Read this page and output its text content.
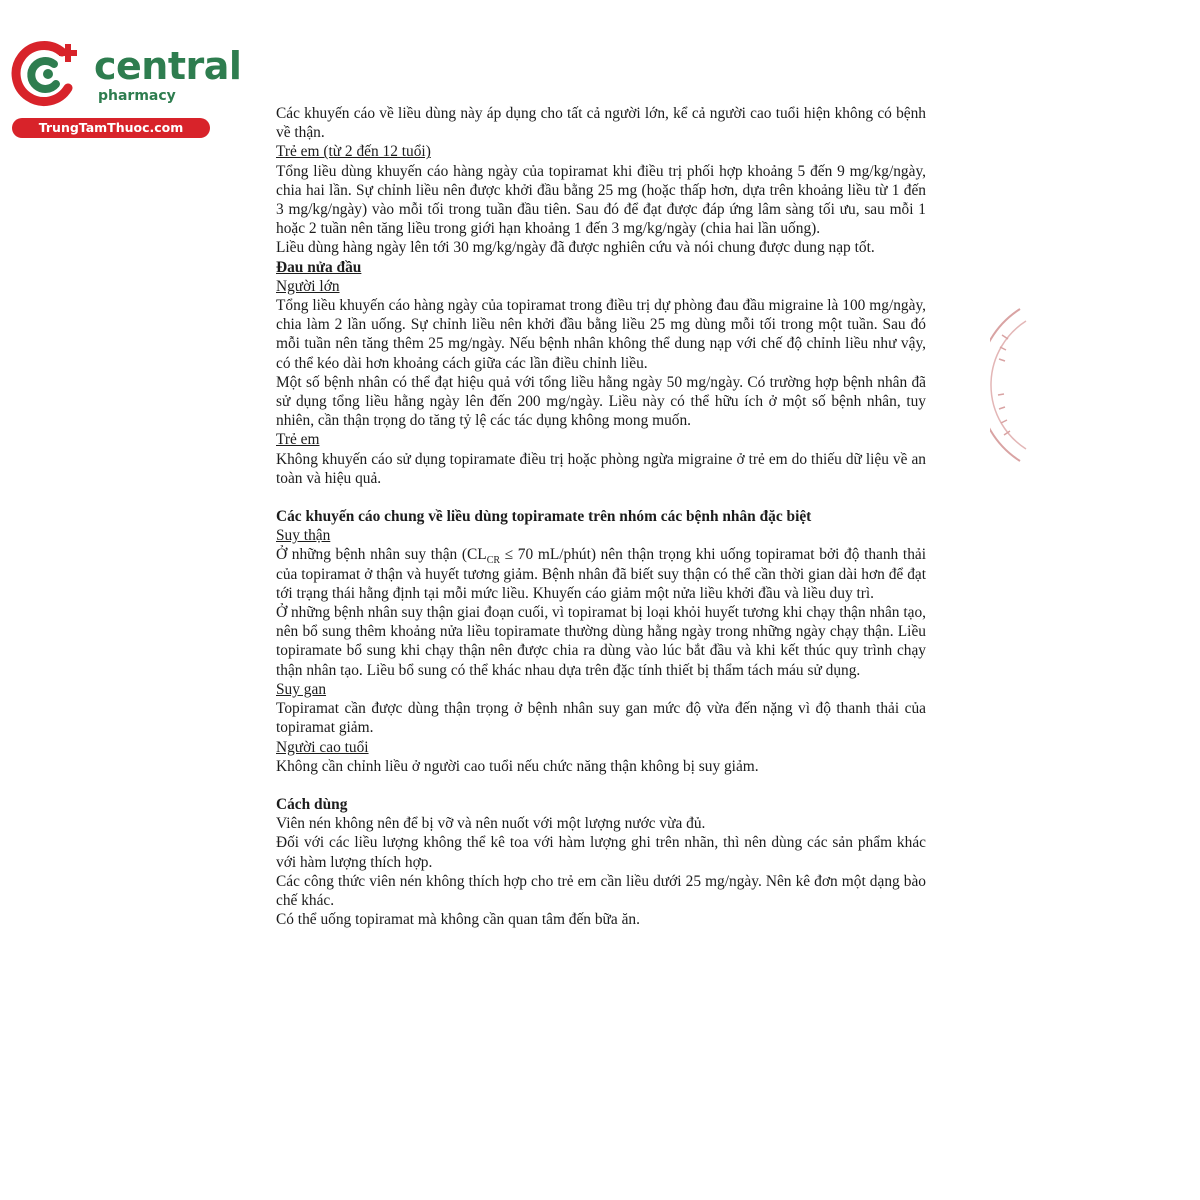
central
pharmacy
TrungTamThuoc.com

Các khuyến cáo về liều dùng này áp dụng cho tất cả người lớn, kể cả người cao tuổi hiện không có bệnh về thận.

Trẻ em (từ 2 đến 12 tuổi)

Tổng liều dùng khuyến cáo hàng ngày của topiramat khi điều trị phối hợp khoảng 5 đến 9 mg/kg/ngày, chia hai lần. Sự chỉnh liều nên được khởi đầu bằng 25 mg (hoặc thấp hơn, dựa trên khoảng liều từ 1 đến 3 mg/kg/ngày) vào mỗi tối trong tuần đầu tiên. Sau đó để đạt được đáp ứng lâm sàng tối ưu, sau mỗi 1 hoặc 2 tuần nên tăng liều trong giới hạn khoảng 1 đến 3 mg/kg/ngày (chia hai lần uống).

Liều dùng hàng ngày lên tới 30 mg/kg/ngày đã được nghiên cứu và nói chung được dung nạp tốt.

Đau nửa đầu

Người lớn

Tổng liều khuyến cáo hàng ngày của topiramat trong điều trị dự phòng đau đầu migraine là 100 mg/ngày, chia làm 2 lần uống. Sự chỉnh liều nên khởi đầu bằng liều 25 mg dùng mỗi tối trong một tuần. Sau đó mỗi tuần nên tăng thêm 25 mg/ngày. Nếu bệnh nhân không thể dung nạp với chế độ chỉnh liều như vậy, có thể kéo dài hơn khoảng cách giữa các lần điều chỉnh liều.

Một số bệnh nhân có thể đạt hiệu quả với tổng liều hằng ngày 50 mg/ngày. Có trường hợp bệnh nhân đã sử dụng tổng liều hằng ngày lên đến 200 mg/ngày. Liều này có thể hữu ích ở một số bệnh nhân, tuy nhiên, cần thận trọng do tăng tỷ lệ các tác dụng không mong muốn.

Trẻ em

Không khuyến cáo sử dụng topiramate điều trị hoặc phòng ngừa migraine ở trẻ em do thiếu dữ liệu về an toàn và hiệu quả.

Các khuyến cáo chung về liều dùng topiramate trên nhóm các bệnh nhân đặc biệt

Suy thận

Ở những bệnh nhân suy thận ($CL_{CR} \le 70$ mL/phút) nên thận trọng khi uống topiramat bởi độ thanh thải của topiramat ở thận và huyết tương giảm. Bệnh nhân đã biết suy thận có thể cần thời gian dài hơn để đạt tới trạng thái hằng định tại mỗi mức liều. Khuyến cáo giảm một nửa liều khởi đầu và liều duy trì.

Ở những bệnh nhân suy thận giai đoạn cuối, vì topiramat bị loại khỏi huyết tương khi chạy thận nhân tạo, nên bổ sung thêm khoảng nửa liều topiramate thường dùng hằng ngày trong những ngày chạy thận. Liều topiramate bổ sung khi chạy thận nên được chia ra dùng vào lúc bắt đầu và khi kết thúc quy trình chạy thận nhân tạo. Liều bổ sung có thể khác nhau dựa trên đặc tính thiết bị thẩm tách máu sử dụng.

Suy gan

Topiramat cần được dùng thận trọng ở bệnh nhân suy gan mức độ vừa đến nặng vì độ thanh thải của topiramat giảm.

Người cao tuổi

Không cần chỉnh liều ở người cao tuổi nếu chức năng thận không bị suy giảm.

Cách dùng

Viên nén không nên để bị vỡ và nên nuốt với một lượng nước vừa đủ.

Đối với các liều lượng không thể kê toa với hàm lượng ghi trên nhãn, thì nên dùng các sản phẩm khác với hàm lượng thích hợp.

Các công thức viên nén không thích hợp cho trẻ em cần liều dưới 25 mg/ngày. Nên kê đơn một dạng bào chế khác.

Có thể uống topiramat mà không cần quan tâm đến bữa ăn.
